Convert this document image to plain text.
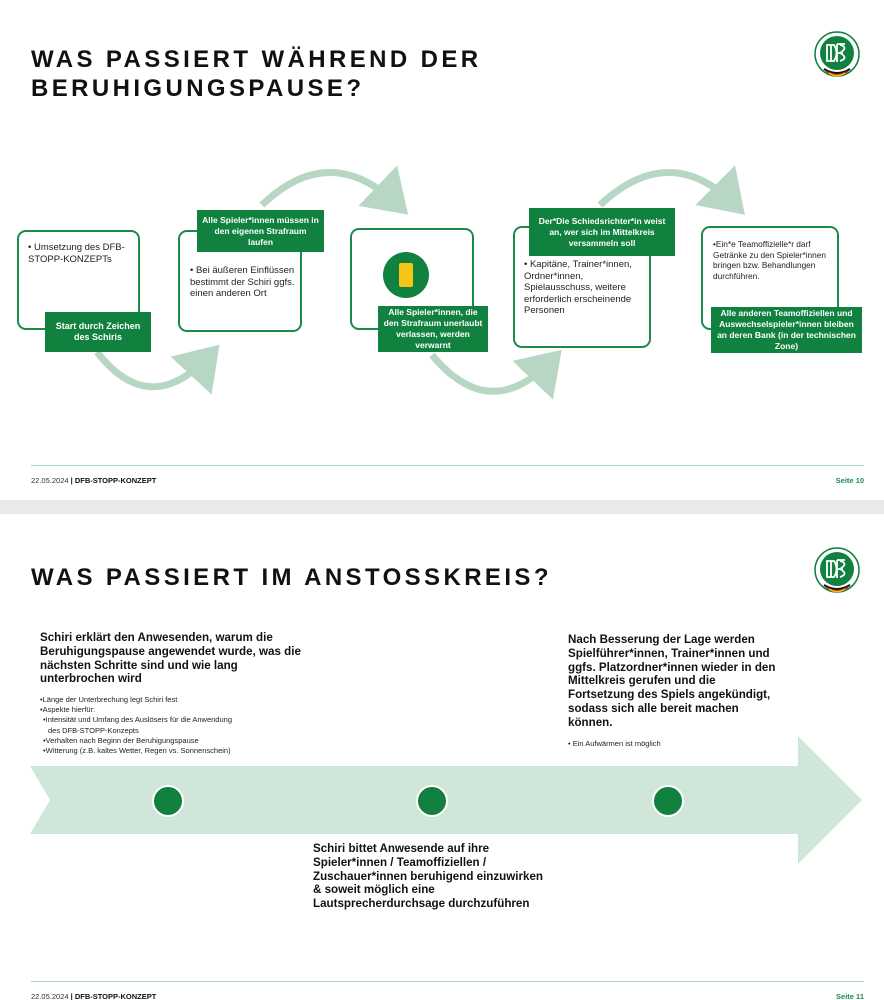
WAS PASSIERT WÄHREND DER
BERUHIGUNGSPAUSE?
• Umsetzung des DFB-STOPP-KONZEPTs
Start durch Zeichen des Schiris
Alle Spieler*innen müssen in den eigenen Strafraum laufen
• Bei äußeren Einflüssen bestimmt der Schiri ggfs. einen anderen Ort
Alle Spieler*innen, die den Strafraum unerlaubt verlassen, werden verwarnt
Der*Die Schiedsrichter*in weist an, wer sich im Mittelkreis versammeln soll
• Kapitäne, Trainer*innen, Ordner*innen, Spielausschuss, weitere erforderlich erscheinende Personen
•Ein*e Teamoffizielle*r darf Getränke zu den Spieler*innen bringen bzw. Behandlungen durchführen.
Alle anderen Teamoffiziellen und Auswechselspieler*innen bleiben an deren Bank (in der technischen Zone)
22.05.2024 | DFB-STOPP-KONZEPT	Seite 10
WAS PASSIERT IM ANSTOSSKREIS?
Schiri erklärt den Anwesenden, warum die Beruhigungspause angewendet wurde, was die nächsten Schritte sind und wie lang unterbrochen wird
•Länge der Unterbrechung legt Schiri fest
•Aspekte hierfür:
•Intensität und Umfang des Auslösers für die Anwendung
des DFB-STOPP-Konzepts
•Verhalten nach Beginn der Beruhigungspause
•Witterung (z.B. kaltes Wetter, Regen vs. Sonnenschein)
Schiri bittet Anwesende auf ihre Spieler*innen / Teamoffiziellen / Zuschauer*innen beruhigend einzuwirken & soweit möglich eine Lautsprecherdurchsage durchzuführen
Nach Besserung der Lage werden Spielführer*innen, Trainer*innen und ggfs. Platzordner*innen wieder in den Mittelkreis gerufen und die Fortsetzung des Spiels angekündigt, sodass sich alle bereit machen können.
• Ein Aufwärmen ist möglich
22.05.2024 | DFB-STOPP-KONZEPT	Seite 11
